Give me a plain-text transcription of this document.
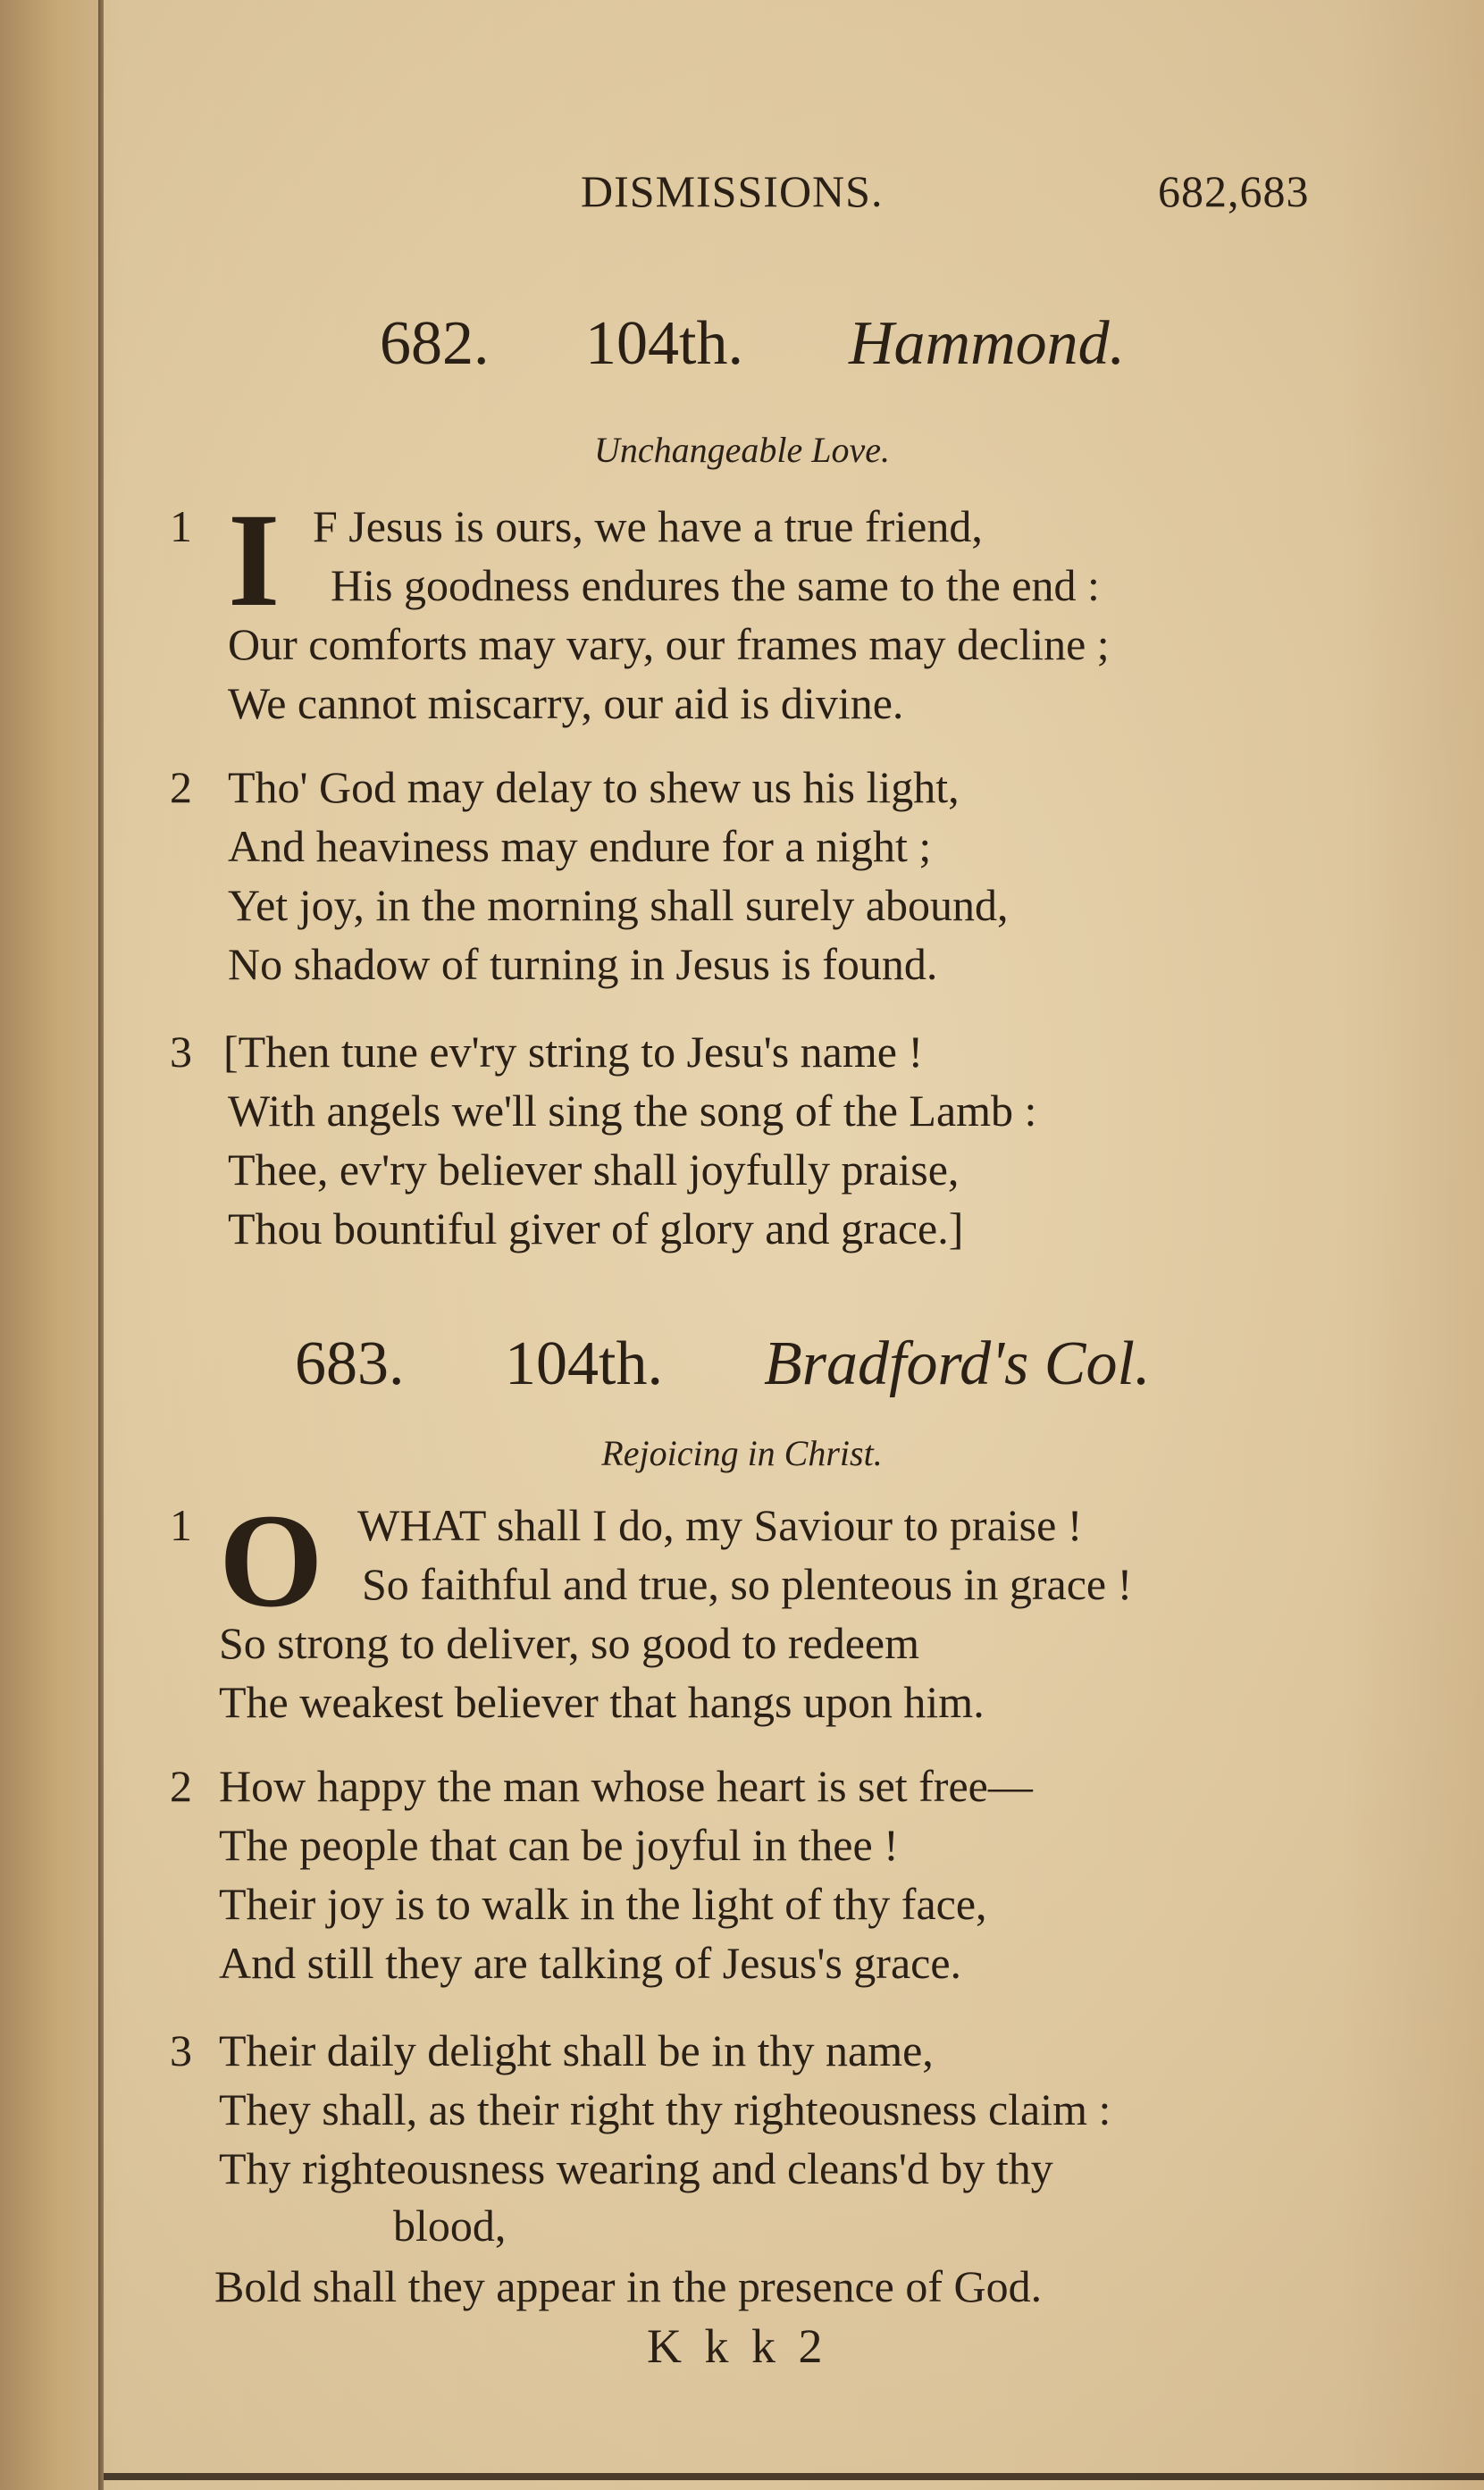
DISMISSIONS.	682,683
682. 104th. Hammond.
Unchangeable Love.
1 I F Jesus is ours, we have a true friend,
His goodness endures the same to the end :
Our comforts may vary, our frames may decline ;
We cannot miscarry, our aid is divine.
2 Tho' God may delay to shew us his light,
And heaviness may endure for a night ;
Yet joy, in the morning shall surely abound,
No shadow of turning in Jesus is found.
3 [Then tune ev'ry string to Jesu's name !
With angels we'll sing the song of the Lamb :
Thee, ev'ry believer shall joyfully praise,
Thou bountiful giver of glory and grace.]
683. 104th. Bradford's Col.
Rejoicing in Christ.
1 O WHAT shall I do, my Saviour to praise !
So faithful and true, so plenteous in grace !
So strong to deliver, so good to redeem
The weakest believer that hangs upon him.
2 How happy the man whose heart is set free—
The people that can be joyful in thee !
Their joy is to walk in the light of thy face,
And still they are talking of Jesus's grace.
3 Their daily delight shall be in thy name,
They shall, as their right thy righteousness claim :
Thy righteousness wearing and cleans'd by thy
blood,
Bold shall they appear in the presence of God.
K k k 2
